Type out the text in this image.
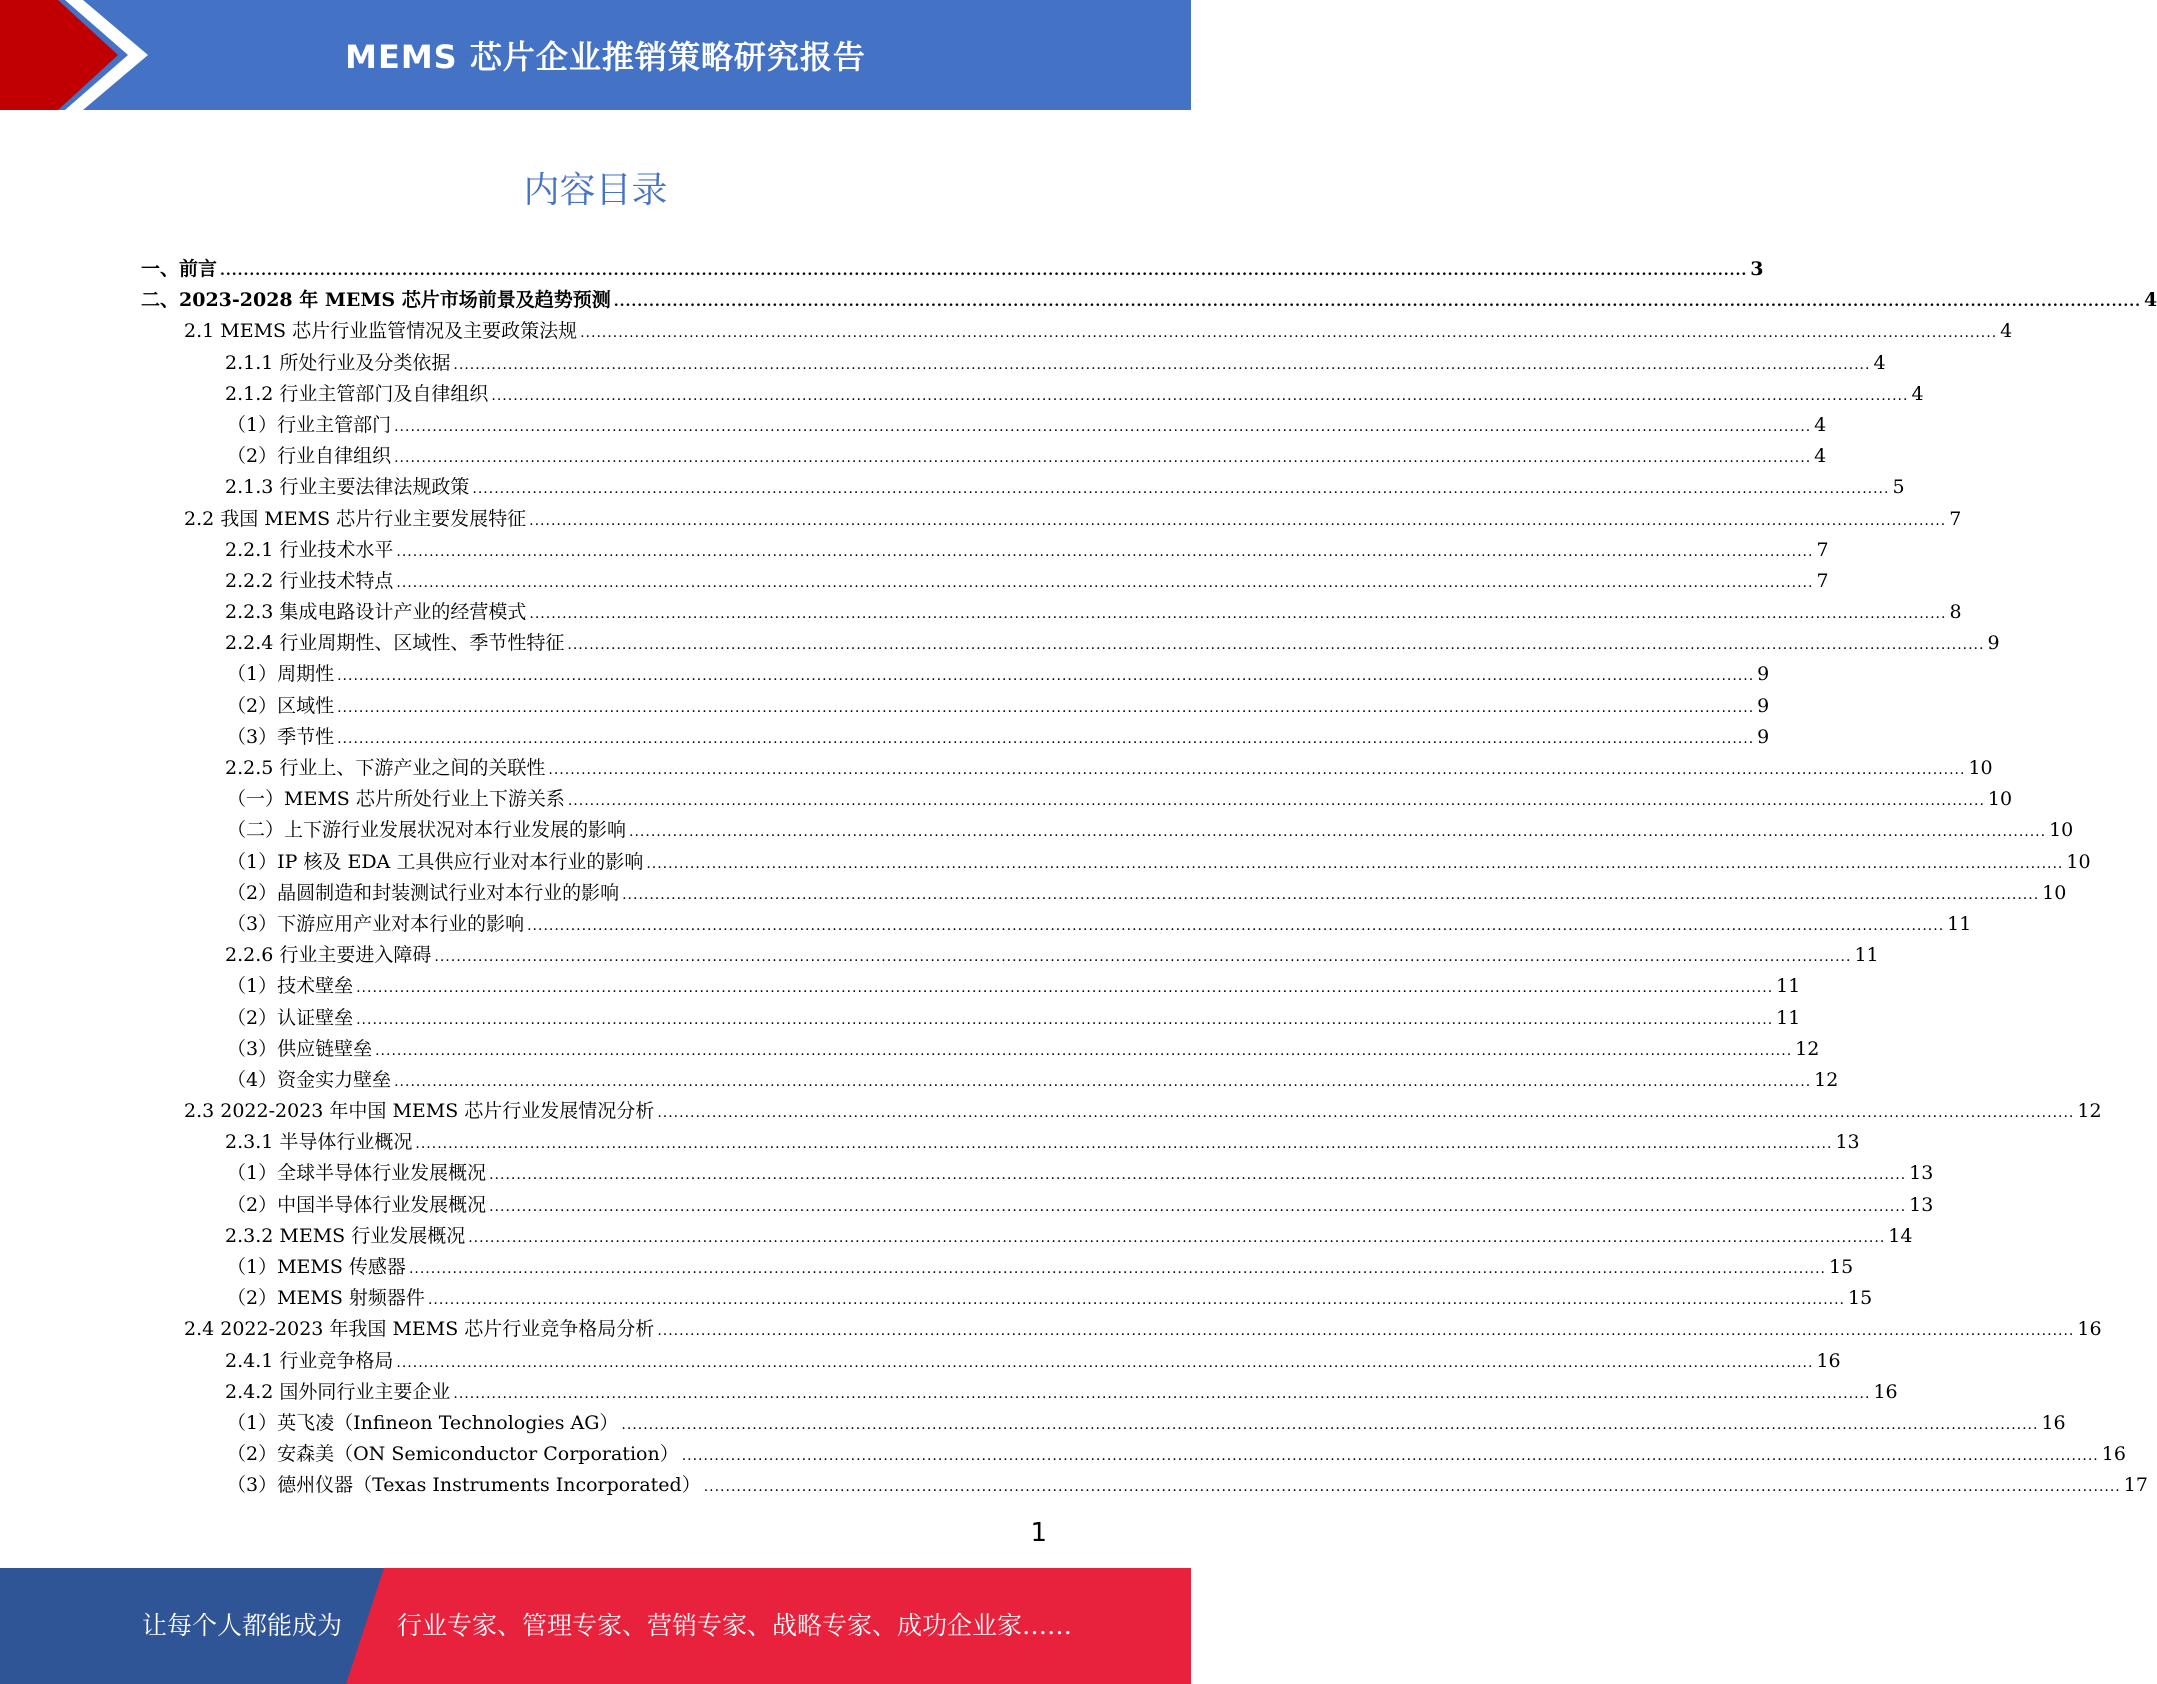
MEMS 芯片企业推销策略研究报告
内容目录
一、前言 .................................................................................................................................................................................................................................................................... 3
二、2023-2028 年 MEMS 芯片市场前景及趋势预测 .................................................................................................................................................................................................................................................................... 4
2.1 MEMS 芯片行业监管情况及主要政策法规 .................................................................................................................................................................................................................................................................... 4
2.1.1 所处行业及分类依据 .................................................................................................................................................................................................................................................................... 4
2.1.2 行业主管部门及自律组织 .................................................................................................................................................................................................................................................................... 4
（1）行业主管部门 .................................................................................................................................................................................................................................................................... 4
（2）行业自律组织 .................................................................................................................................................................................................................................................................... 4
2.1.3 行业主要法律法规政策 .................................................................................................................................................................................................................................................................... 5
2.2 我国 MEMS 芯片行业主要发展特征 .................................................................................................................................................................................................................................................................... 7
2.2.1 行业技术水平 .................................................................................................................................................................................................................................................................... 7
2.2.2 行业技术特点 .................................................................................................................................................................................................................................................................... 7
2.2.3 集成电路设计产业的经营模式 .................................................................................................................................................................................................................................................................... 8
2.2.4 行业周期性、区域性、季节性特征 .................................................................................................................................................................................................................................................................... 9
（1）周期性 .................................................................................................................................................................................................................................................................... 9
（2）区域性 .................................................................................................................................................................................................................................................................... 9
（3）季节性 .................................................................................................................................................................................................................................................................... 9
2.2.5 行业上、下游产业之间的关联性 .................................................................................................................................................................................................................................................................... 10
（一）MEMS 芯片所处行业上下游关系 .................................................................................................................................................................................................................................................................... 10
（二）上下游行业发展状况对本行业发展的影响 .................................................................................................................................................................................................................................................................... 10
（1）IP 核及 EDA 工具供应行业对本行业的影响 .................................................................................................................................................................................................................................................................... 10
（2）晶圆制造和封装测试行业对本行业的影响 .................................................................................................................................................................................................................................................................... 10
（3）下游应用产业对本行业的影响 .................................................................................................................................................................................................................................................................... 11
2.2.6 行业主要进入障碍 .................................................................................................................................................................................................................................................................... 11
（1）技术壁垒 .................................................................................................................................................................................................................................................................... 11
（2）认证壁垒 .................................................................................................................................................................................................................................................................... 11
（3）供应链壁垒 .................................................................................................................................................................................................................................................................... 12
（4）资金实力壁垒 .................................................................................................................................................................................................................................................................... 12
2.3 2022-2023 年中国 MEMS 芯片行业发展情况分析 .................................................................................................................................................................................................................................................................... 12
2.3.1 半导体行业概况 .................................................................................................................................................................................................................................................................... 13
（1）全球半导体行业发展概况 .................................................................................................................................................................................................................................................................... 13
（2）中国半导体行业发展概况 .................................................................................................................................................................................................................................................................... 13
2.3.2 MEMS 行业发展概况 .................................................................................................................................................................................................................................................................... 14
（1）MEMS 传感器 .................................................................................................................................................................................................................................................................... 15
（2）MEMS 射频器件 .................................................................................................................................................................................................................................................................... 15
2.4 2022-2023 年我国 MEMS 芯片行业竞争格局分析 .................................................................................................................................................................................................................................................................... 16
2.4.1 行业竞争格局 .................................................................................................................................................................................................................................................................... 16
2.4.2 国外同行业主要企业 .................................................................................................................................................................................................................................................................... 16
（1）英飞凌（Infineon Technologies AG） .................................................................................................................................................................................................................................................................... 16
（2）安森美（ON Semiconductor Corporation） .................................................................................................................................................................................................................................................................... 16
（3）德州仪器（Texas Instruments Incorporated） .................................................................................................................................................................................................................................................................... 17
1
让每个人都能成为 行业专家、管理专家、营销专家、战略专家、成功企业家……
